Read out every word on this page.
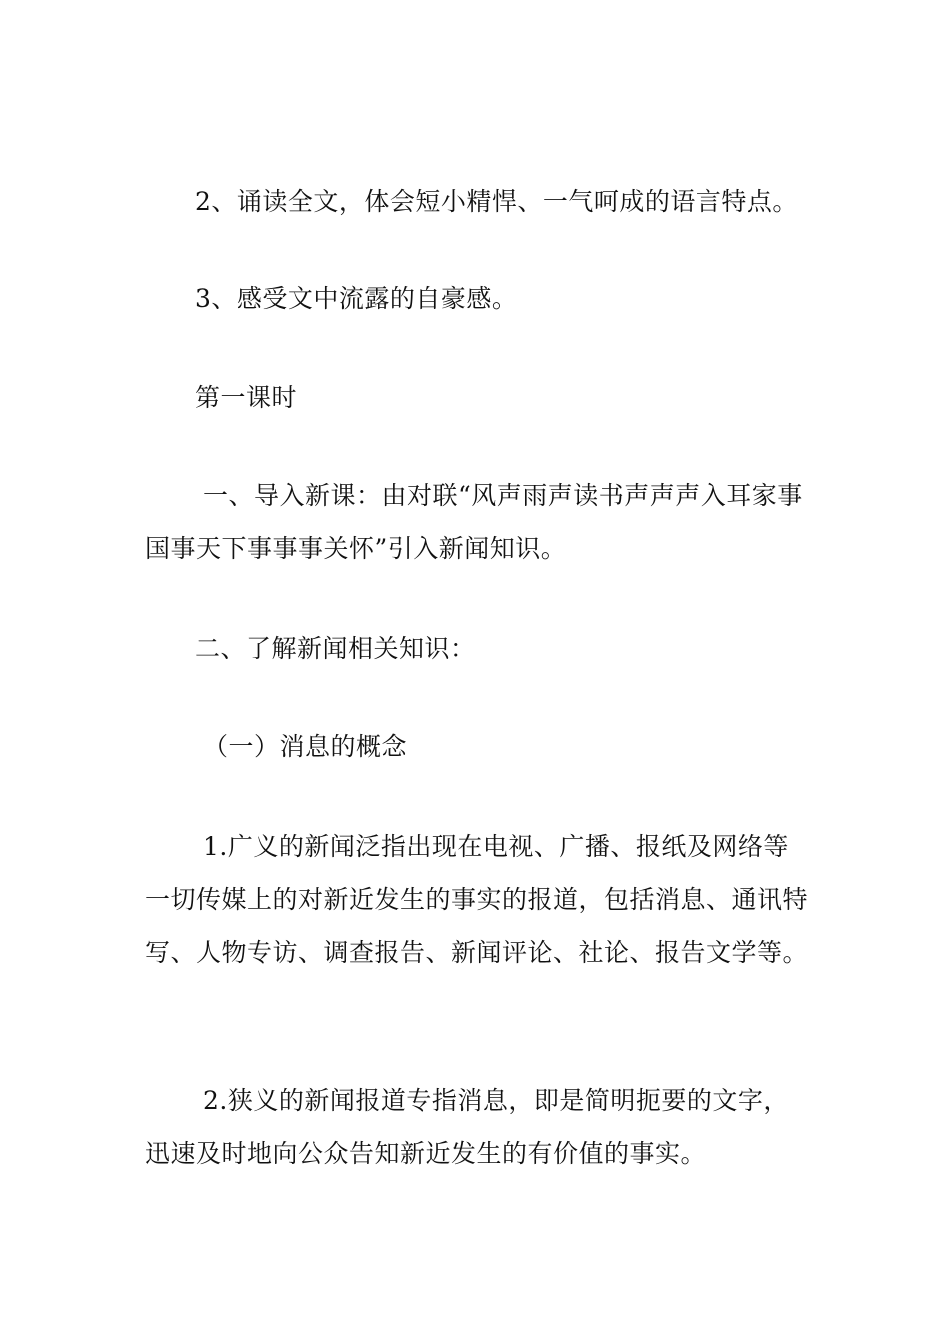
2、诵读全文，体会短小精悍、一气呵成的语言特点。

3、感受文中流露的自豪感。

第一课时

一、导入新课：由对联“风声雨声读书声声声入耳家事国事天下事事事关怀”引入新闻知识。

二、了解新闻相关知识：

（一）消息的概念

1.广义的新闻泛指出现在电视、广播、报纸及网络等一切传媒上的对新近发生的事实的报道，包括消息、通讯特写、人物专访、调查报告、新闻评论、社论、报告文学等。

2.狭义的新闻报道专指消息，即是简明扼要的文字，迅速及时地向公众告知新近发生的有价值的事实。
